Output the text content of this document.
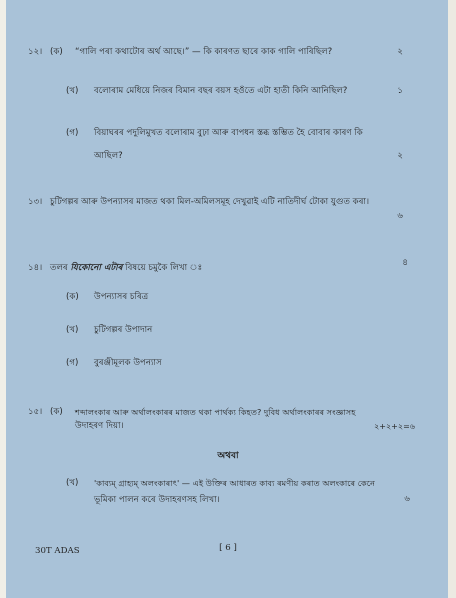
১২। (ক) “গালি পৰা কথাটোৰ অৰ্থ আছে।” — কি কাৰণত ছাৰে কাক গালি পাৰিছিল?	২
(খ) বলোৰাম মেধিয়ে নিজৰ বিমান বছৰ বয়স হওঁতে এটা হাতী কিনি আনিছিল?	১
(গ) বিয়াঘৰৰ পদুলিমুখত বলোৰাম বুঢ়া আৰু বাপধন স্তব্ধ স্তম্ভিত হৈ বোবাৰ কাৰণ কি
আছিল?	২
১৩। চুটিগল্পৰ আৰু উপন্যাসৰ মাজত থকা মিল-অমিলসমূহ দেখুৱাই এটি নাতিদীৰ্ঘ টোকা যুগুত কৰা।
৬
১৪। তলৰ যিকোনো এটাৰ বিষয়ে চমুকৈ লিখা ঃ	৪
(ক) উপন্যাসৰ চৰিত্ৰ
(খ) চুটিগল্পৰ উপাদান
(গ) বুৰঞ্জীমূলক উপন্যাস
১৫। (ক) শব্দালংকাৰ আৰু অৰ্থালংকাৰৰ মাজত থকা পাৰ্থক্য কিহত? দুবিধ অৰ্থালংকাৰৰ সংজ্ঞাসহ
উদাহৰণ দিয়া।	২+২+২=৬
অথবা
(খ) 'কাব্যম্ গ্ৰাহ্যম্ অলংকাৰাৎ' — এই উক্তিৰ আধাৰত কাব্য ৰমণীয় কৰাত অলংকাৰে কেনে
ভূমিকা পালন কৰে উদাহৰণসহ লিখা।	৬
30T ADAS	[ 6 ]
